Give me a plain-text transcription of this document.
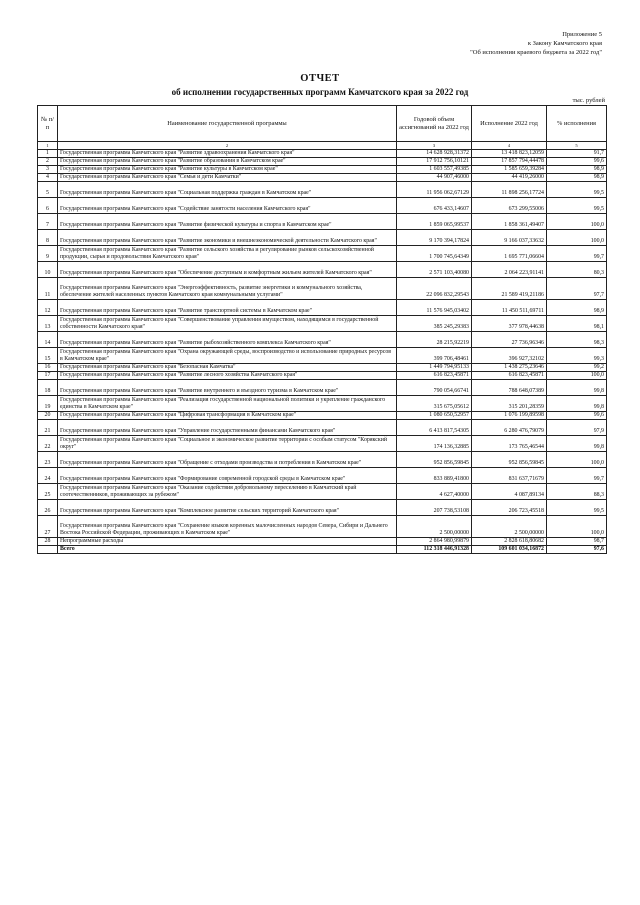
Приложение 5
к Закону Камчатского края
"Об исполнении краевого бюджета за 2022 год"
ОТЧЕТ
об исполнении государственных программ Камчатского края за 2022 год
тыс. рублей
№ п/п	Наименование государственной программы	Годовой объем ассигнований на 2022 год	Исполнение 2022 год	% исполнения
1	2	3	4	5
1	Государственная программа Камчатского края "Развитие здравоохранения Камчатского края"	14 628 928,31372	13 418 823,12059	91,7
2	Государственная программа Камчатского края "Развитие образования в Камчатском крае"	17 912 756,10121	17 857 794,44478	99,6
3	Государственная программа Камчатского края "Развитие культуры в Камчатском крае"	1 603 557,49385	1 585 659,39284	98,9
4	Государственная программа Камчатского края "Семья и дети Камчатки"	44 907,46000	44 419,26000	98,9
5	Государственная программа Камчатского края "Социальная поддержка граждан в Камчатском крае"	11 956 062,67129	11 898 256,17724	99,5
6	Государственная программа Камчатского края "Содействие занятости населения Камчатского края"	676 433,14607	673 299,55006	99,5
7	Государственная программа Камчатского края "Развитие физической культуры и спорта в Камчатском крае"	1 859 065,99537	1 858 361,49407	100,0
8	Государственная программа Камчатского края "Развитие экономики и внешнеэкономической деятельности Камчатского края"	9 170 394,17824	9 166 037,33632	100,0
9	Государственная программа Камчатского края "Развитие сельского хозяйства и регулирование рынков сельскохозяйственной продукции, сырья и продовольствия Камчатского края"	1 700 745,64349	1 695 771,06604	99,7
10	Государственная программа Камчатского края "Обеспечение доступным и комфортным жильем жителей Камчатского края"	2 571 103,40080	2 064 223,91141	80,3
11	Государственная программа Камчатского края "Энергоэффективность, развитие энергетики и коммунального хозяйства, обеспечение жителей населенных пунктов Камчатского края коммунальными услугами"	22 096 832,29543	21 589 419,21186	97,7
12	Государственная программа Камчатского края "Развитие транспортной системы в Камчатском крае"	11 576 945,03402	11 450 511,69711	98,9
13	Государственная программа Камчатского края "Совершенствование управления имуществом, находящимся в государственной собственности Камчатского края"	385 245,29383	377 978,44638	98,1
14	Государственная программа Камчатского края "Развитие рыбохозяйственного комплекса Камчатского края"	28 215,92219	27 736,96346	98,3
15	Государственная программа Камчатского края "Охрана окружающей среды, воспроизводство и использование природных ресурсов в Камчатском крае"	399 706,48461	396 927,32102	99,3
16	Государственная программа Камчатского края "Безопасная Камчатка"	1 449 794,95133	1 438 275,23646	99,2
17	Государственная программа Камчатского края "Развитие лесного хозяйства Камчатского края"	616 823,45871	616 823,45871	100,0
18	Государственная программа Камчатского края "Развитие внутреннего и въездного туризма в Камчатском крае"	790 054,66741	788 648,07389	99,8
19	Государственная программа Камчатского края "Реализация государственной национальной политики и укрепление гражданского единства в Камчатском крае"	315 675,05612	315 201,28359	99,8
20	Государственная программа Камчатского края "Цифровая трансформация в Камчатском крае"	1 080 650,52957	1 076 199,89598	99,6
21	Государственная программа Камчатского края "Управление государственными финансами Камчатского края"	6 413 817,54305	6 280 476,79079	97,9
22	Государственная программа Камчатского края "Социальное и экономическое развитие территории с особым статусом "Корякский округ"	174 136,32885	173 765,46544	99,8
23	Государственная программа Камчатского края "Обращение с отходами производства и потребления в Камчатском крае"	952 856,59845	952 856,59845	100,0
24	Государственная программа Камчатского края "Формирование современной городской среды в Камчатском крае"	833 889,41800	831 637,71679	99,7
25	Государственная программа Камчатского края "Оказание содействия добровольному переселению в Камчатский край соотечественников, проживающих за рубежом"	4 627,40000	4 087,89134	88,3
26	Государственная программа Камчатского края "Комплексное развитие сельских территорий Камчатского края"	207 738,53108	206 723,45518	99,5
27	Государственная программа Камчатского края "Сохранение языков коренных малочисленных народов Севера, Сибири и Дальнего Востока Российской Федерации, проживающих в Камчатском крае"	2 500,00000	2 500,00000	100,0
28	Непрограммные расходы	2 864 980,99879	2 828 618,80682	98,7
	Всего	112 318 446,91328	109 601 034,16872	97,6
